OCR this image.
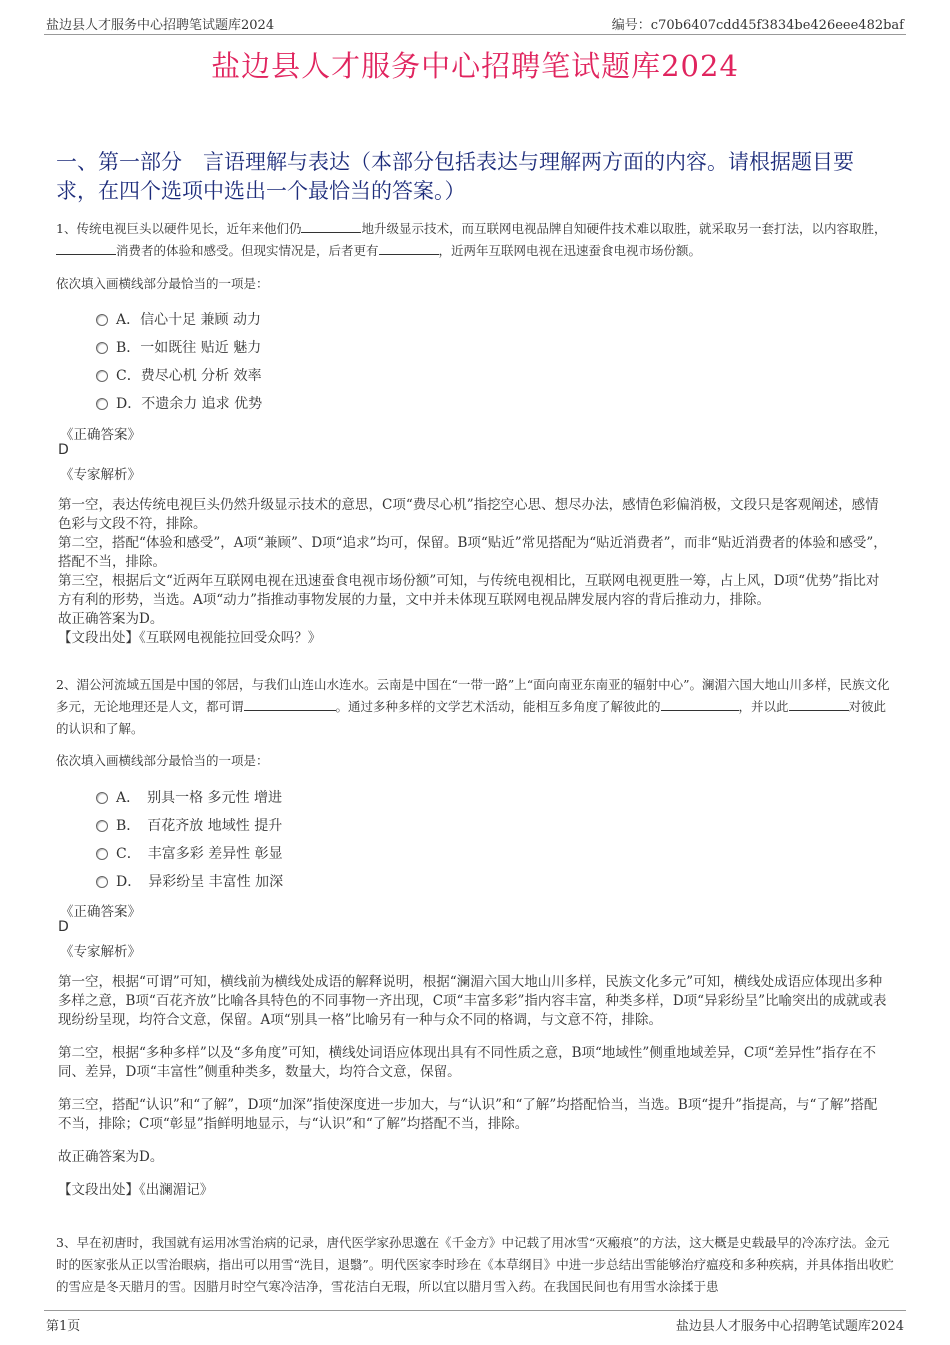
盐边县人才服务中心招聘笔试题库2024	编号：c70b6407cdd45f3834be426eee482baf
盐边县人才服务中心招聘笔试题库2024
一、第一部分　言语理解与表达（本部分包括表达与理解两方面的内容。请根据题目要求，在四个选项中选出一个最恰当的答案。）
1、传统电视巨头以硬件见长，近年来他们仍	地升级显示技术，而互联网电视品牌自知硬件技术难以取胜，就采取另一套打法，以内容取胜，消费者的体验和感受。但现实情况是，后者更有	，近两年互联网电视在迅速蚕食电视市场份额。
依次填入画横线部分最恰当的一项是：
A．信心十足 兼顾 动力
B．一如既往 贴近 魅力
C．费尽心机 分析 效率
D．不遗余力 追求 优势
《正确答案》
D
《专家解析》

第一空，表达传统电视巨头仍然升级显示技术的意思，C项“费尽心机”指挖空心思、想尽办法，感情色彩偏消极，文段只是客观阐述，感情色彩与文段不符，排除。

第二空，搭配“体验和感受”，A项“兼顾”、D项“追求”均可，保留。B项“贴近”常见搭配为“贴近消费者”，而非“贴近消费者的体验和感受”，搭配不当，排除。

第三空，根据后文“近两年互联网电视在迅速蚕食电视市场份额”可知，与传统电视相比，互联网电视更胜一筹，占上风，D项“优势”指比对方有利的形势，当选。A项“动力”指推动事物发展的力量，文中并未体现互联网电视品牌发展内容的背后推动力，排除。

故正确答案为D。

【文段出处】《互联网电视能拉回受众吗？》

2、湄公河流域五国是中国的邻居，与我们山连山水连水。云南是中国在“一带一路”上“面向南亚东南亚的辐射中心”。澜湄六国大地山川多样，民族文化多元，无论地理还是人文，都可谓	。通过多种多样的文学艺术活动，能相互多角度了解彼此的	，并以此	对彼此的认识和了解。
依次填入画横线部分最恰当的一项是：
A．　别具一格 多元性 增进
B．　百花齐放 地域性 提升
C．　丰富多彩 差异性 彰显
D．　异彩纷呈 丰富性 加深
《正确答案》
D
《专家解析》

第一空，根据“可谓”可知，横线前为横线处成语的解释说明，根据“澜湄六国大地山川多样，民族文化多元”可知，横线处成语应体现出多种多样之意，B项“百花齐放”比喻各具特色的不同事物一齐出现，C项“丰富多彩”指内容丰富，种类多样，D项“异彩纷呈”比喻突出的成就或表现纷纷呈现，均符合文意，保留。A项“别具一格”比喻另有一种与众不同的格调，与文意不符，排除。

第二空，根据“多种多样”以及“多角度”可知，横线处词语应体现出具有不同性质之意，B项“地域性”侧重地域差异，C项“差异性”指存在不同、差异，D项“丰富性”侧重种类多，数量大，均符合文意，保留。

第三空，搭配“认识”和“了解”，D项“加深”指使深度进一步加大，与“认识”和“了解”均搭配恰当，当选。B项“提升”指提高，与“了解”搭配不当，排除；C项“彰显”指鲜明地显示，与“认识”和“了解”均搭配不当，排除。

故正确答案为D。

【文段出处】《出澜湄记》

3、早在初唐时，我国就有运用冰雪治病的记录，唐代医学家孙思邈在《千金方》中记载了用冰雪“灭瘢痕”的方法，这大概是史载最早的冷冻疗法。金元时的医家张从正以雪治眼病，指出可以用雪“洗目，退翳”。明代医家李时珍在《本草纲目》中进一步总结出雪能够治疗瘟疫和多种疾病，并具体指出收贮的雪应是冬天腊月的雪。因腊月时空气寒冷洁净，雪花洁白无瑕，所以宜以腊月雪入药。在我国民间也有用雪水涂揉于患
第1页	盐边县人才服务中心招聘笔试题库2024
